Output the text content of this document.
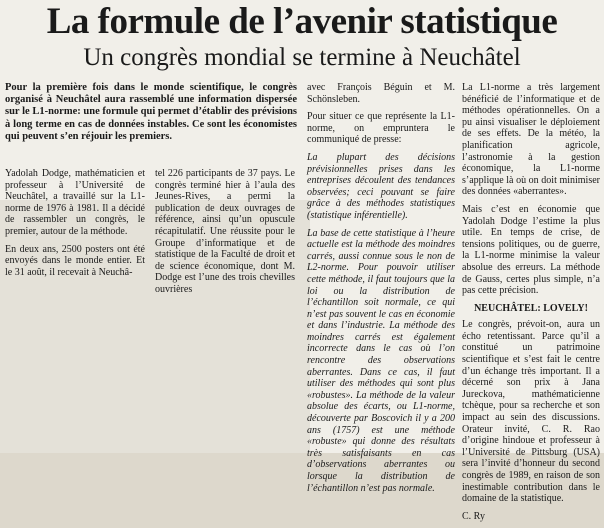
La formule de l’avenir statistique
Un congrès mondial se termine à Neuchâtel

Pour la première fois dans le monde scientifique, le congrès organisé à Neuchâtel aura rassemblé une information dispersée sur le L1-norme: une formule qui permet d’établir des prévisions à long terme en cas de données instables. Ce sont les économistes qui peuvent s’en réjouir les premiers.

Yadolah Dodge, mathématicien et professeur à l’Université de Neuchâtel, a travaillé sur la L1-norme de 1976 à 1981. Il a décidé de rassembler un congrès, le premier, autour de la méthode.

En deux ans, 2500 posters ont été envoyés dans le monde entier. Et le 31 août, il recevait à Neuchâ-

tel 226 participants de 37 pays. Le congrès terminé hier à l’aula des Jeunes-Rives, a permi la publication de deux ouvrages de référence, ainsi qu’un opuscule récapitulatif. Une réussite pour le Groupe d’informatique et de statistique de la Faculté de droit et de science économique, dont M. Dodge est l’une des trois chevilles ouvrières

avec François Béguin et M. Schönsleben.

Pour situer ce que représente la L1-norme, on empruntera le communiqué de presse:

La plupart des décisions prévisionnelles prises dans les entreprises découlent des tendances observées; ceci pouvant se faire grâce à des méthodes statistiques (statistique inférentielle).

La base de cette statistique à l’heure actuelle est la méthode des moindres carrés, aussi connue sous le non de L2-norme. Pour pouvoir utiliser cette méthode, il faut toujours que la loi ou la distribution de l’échantillon soit normale, ce qui n’est pas souvent le cas en économie et dans l’industrie. La méthode des moindres carrés est également incorrecte dans le cas où l’on rencontre des observations aberrantes. Dans ce cas, il faut utiliser des méthodes qui sont plus «robustes». La méthode de la valeur absolue des écarts, ou L1-norme, découverte par Boscovich il y a 200 ans (1757) est une méthode «robuste» qui donne des résultats très satisfaisants en cas d’observations aberrantes ou lorsque la distribution de l’échantillon n’est pas normale.

La L1-norme a très largement bénéficié de l’informatique et de méthodes opérationnelles. On a pu ainsi visualiser le déploiement de ses effets. De la météo, la planification agricole, l’astronomie à la gestion économique, la L1-norme s’applique là où on doit minimiser des données «aberrantes».

Mais c’est en économie que Yadolah Dodge l’estime la plus utile. En temps de crise, de tensions politiques, ou de guerre, la L1-norme minimise la valeur absolue des erreurs. La méthode de Gauss, certes plus simple, n’a pas cette précision.

NEUCHÂTEL: LOVELY!

Le congrès, prévoit-on, aura un écho retentissant. Parce qu’il a constitué un patrimoine scientifique et s’est fait le centre d’un échange très important. Il a décerné son prix à Jana Jureckova, mathématicienne tchèque, pour sa recherche et son impact au sein des discussions. Orateur invité, C. R. Rao d’origine hindoue et professeur à l’Université de Pittsburg (USA) sera l’invité d’honneur du second congrès de 1989, en raison de son inestimable contribution dans le domaine de la statistique.

C. Ry
